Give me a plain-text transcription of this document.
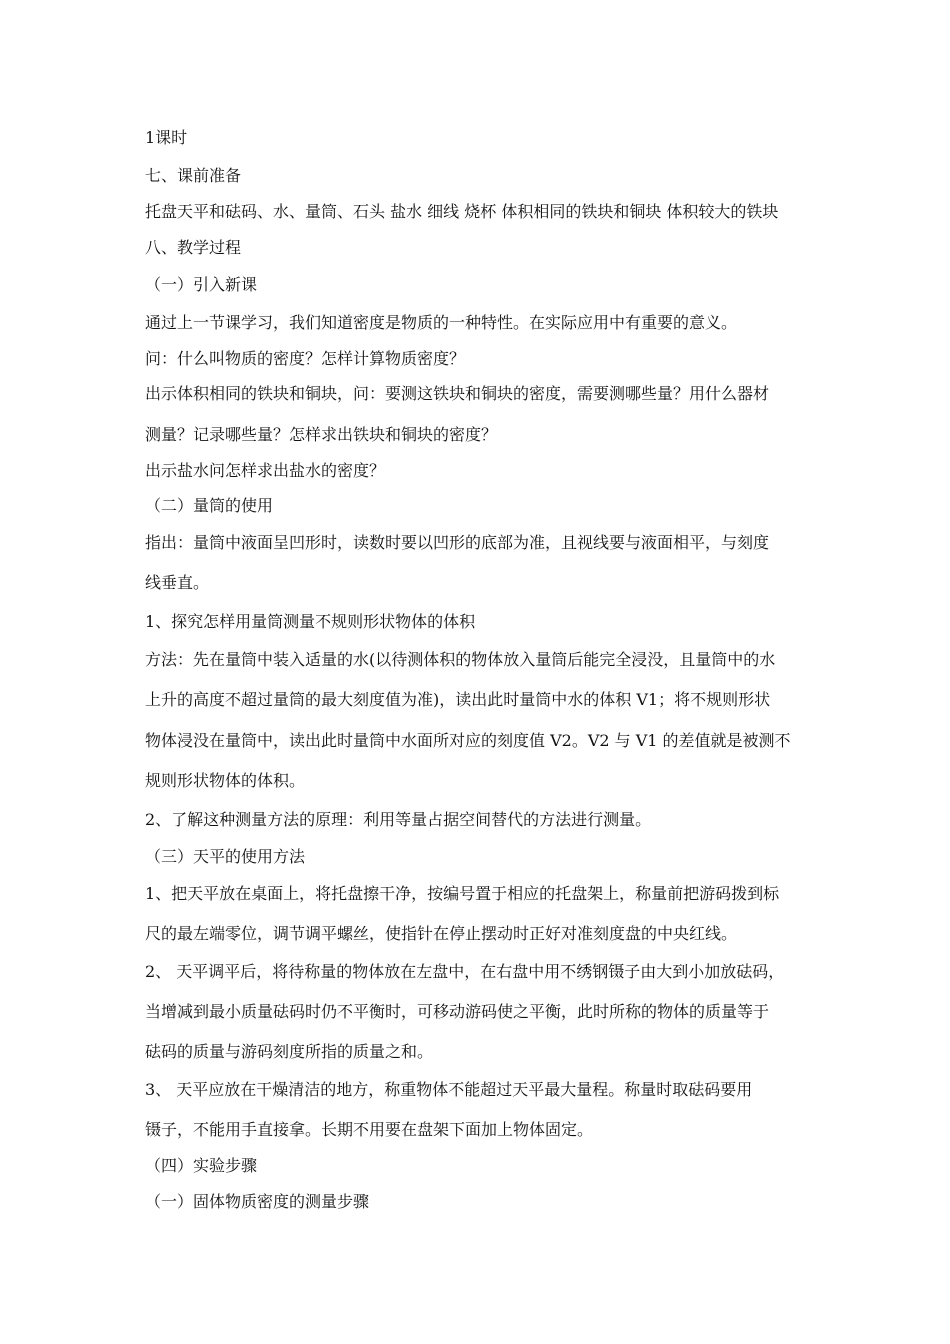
1课时
七、课前准备
托盘天平和砝码、水、量筒、石头 盐水 细线 烧杯 体积相同的铁块和铜块 体积较大的铁块
八、教学过程
（一）引入新课
通过上一节课学习，我们知道密度是物质的一种特性。在实际应用中有重要的意义。
问：什么叫物质的密度？怎样计算物质密度？
出示体积相同的铁块和铜块，问：要测这铁块和铜块的密度，需要测哪些量？用什么器材
测量？记录哪些量？怎样求出铁块和铜块的密度？
出示盐水问怎样求出盐水的密度？
（二）量筒的使用
指出：量筒中液面呈凹形时，读数时要以凹形的底部为准，且视线要与液面相平，与刻度
线垂直。
1、探究怎样用量筒测量不规则形状物体的体积
方法：先在量筒中装入适量的水(以待测体积的物体放入量筒后能完全浸没，且量筒中的水
上升的高度不超过量筒的最大刻度值为准)，读出此时量筒中水的体积 V1；将不规则形状
物体浸没在量筒中，读出此时量筒中水面所对应的刻度值 V2。V2 与 V1 的差值就是被测不
规则形状物体的体积。
2、了解这种测量方法的原理：利用等量占据空间替代的方法进行测量。
（三）天平的使用方法
1、把天平放在桌面上，将托盘擦干净，按编号置于相应的托盘架上，称量前把游码拨到标
尺的最左端零位，调节调平螺丝，使指针在停止摆动时正好对准刻度盘的中央红线。
2、 天平调平后，将待称量的物体放在左盘中，在右盘中用不绣钢镊子由大到小加放砝码，
当增减到最小质量砝码时仍不平衡时，可移动游码使之平衡，此时所称的物体的质量等于
砝码的质量与游码刻度所指的质量之和。
3、 天平应放在干燥清洁的地方，称重物体不能超过天平最大量程。称量时取砝码要用
镊子，不能用手直接拿。长期不用要在盘架下面加上物体固定。
（四）实验步骤
（一）固体物质密度的测量步骤
